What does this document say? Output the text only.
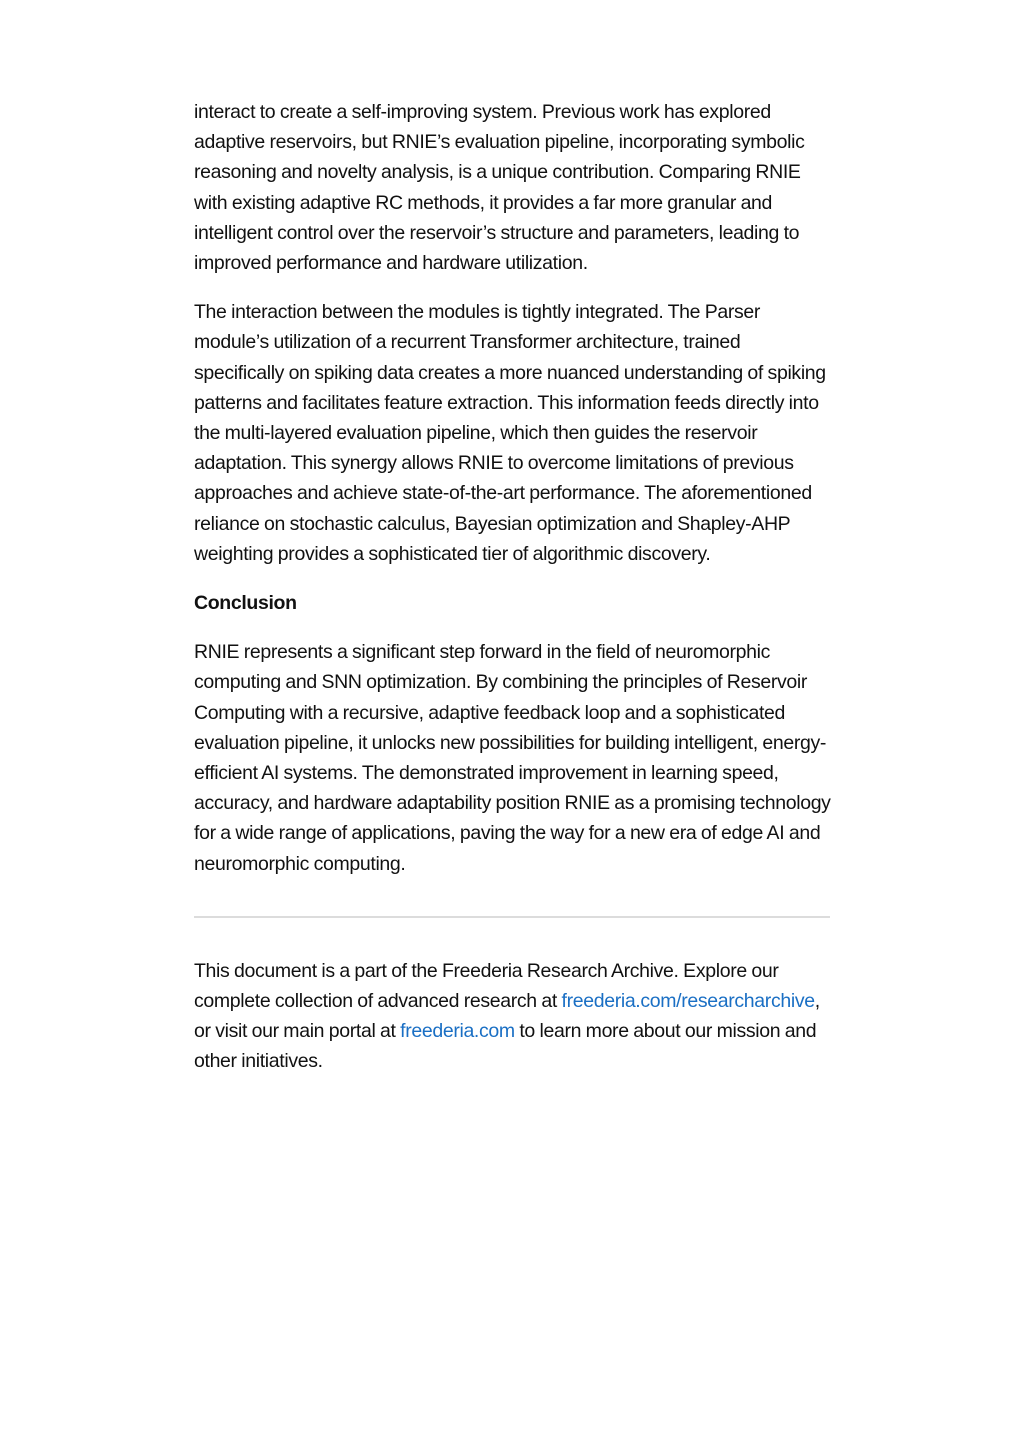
interact to create a self-improving system. Previous work has explored adaptive reservoirs, but RNIE’s evaluation pipeline, incorporating symbolic reasoning and novelty analysis, is a unique contribution. Comparing RNIE with existing adaptive RC methods, it provides a far more granular and intelligent control over the reservoir’s structure and parameters, leading to improved performance and hardware utilization.

The interaction between the modules is tightly integrated. The Parser module’s utilization of a recurrent Transformer architecture, trained specifically on spiking data creates a more nuanced understanding of spiking patterns and facilitates feature extraction. This information feeds directly into the multi-layered evaluation pipeline, which then guides the reservoir adaptation. This synergy allows RNIE to overcome limitations of previous approaches and achieve state-of-the-art performance. The aforementioned reliance on stochastic calculus, Bayesian optimization and Shapley-AHP weighting provides a sophisticated tier of algorithmic discovery.

Conclusion

RNIE represents a significant step forward in the field of neuromorphic computing and SNN optimization. By combining the principles of Reservoir Computing with a recursive, adaptive feedback loop and a sophisticated evaluation pipeline, it unlocks new possibilities for building intelligent, energy-efficient AI systems. The demonstrated improvement in learning speed, accuracy, and hardware adaptability position RNIE as a promising technology for a wide range of applications, paving the way for a new era of edge AI and neuromorphic computing.

This document is a part of the Freederia Research Archive. Explore our complete collection of advanced research at freederia.com/​researcharchive, or visit our main portal at freederia.com to learn more about our mission and other initiatives.
